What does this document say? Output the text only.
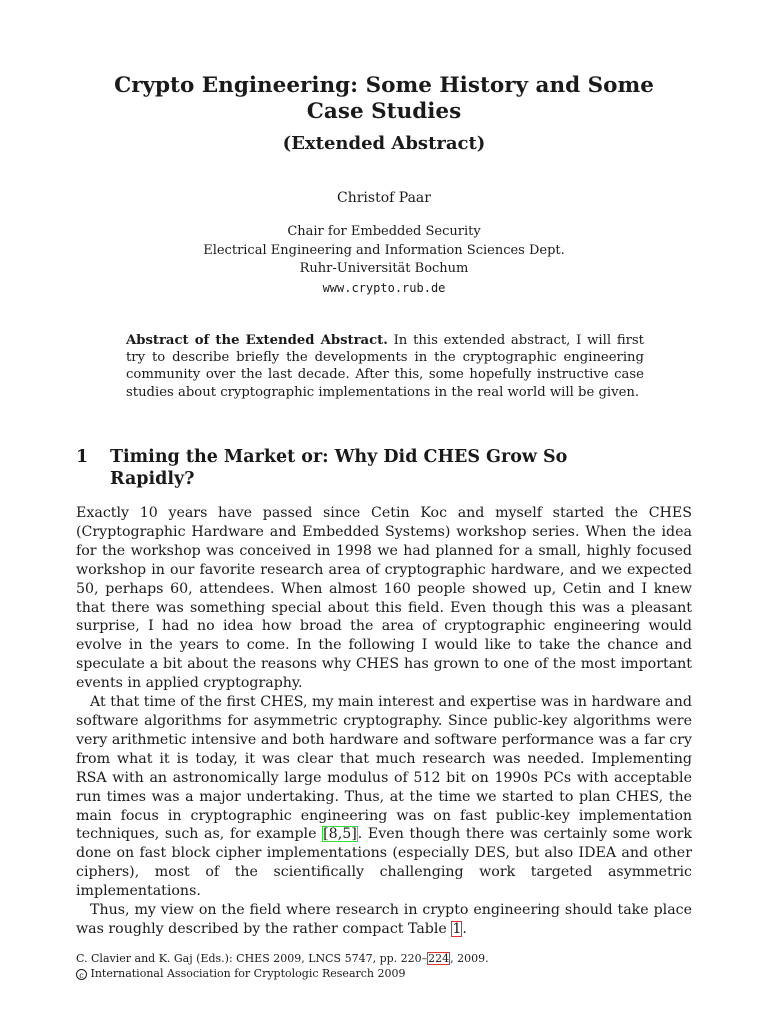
Crypto Engineering: Some History and Some
Case Studies
(Extended Abstract)
Christof Paar
Chair for Embedded Security
Electrical Engineering and Information Sciences Dept.
Ruhr-Universität Bochum
www.crypto.rub.de
Abstract of the Extended Abstract. In this extended abstract, I will first try to describe briefly the developments in the cryptographic engineering community over the last decade. After this, some hopefully instructive case studies about cryptographic implementations in the real world will be given.
1 Timing the Market or: Why Did CHES Grow So
Rapidly?

Exactly 10 years have passed since Cetin Koc and myself started the CHES (Cryptographic Hardware and Embedded Systems) workshop series. When the idea for the workshop was conceived in 1998 we had planned for a small, highly focused workshop in our favorite research area of cryptographic hardware, and we expected 50, perhaps 60, attendees. When almost 160 people showed up, Cetin and I knew that there was something special about this field. Even though this was a pleasant surprise, I had no idea how broad the area of cryptographic engineering would evolve in the years to come. In the following I would like to take the chance and speculate a bit about the reasons why CHES has grown to one of the most important events in applied cryptography.

At that time of the first CHES, my main interest and expertise was in hardware and software algorithms for asymmetric cryptography. Since public-key algorithms were very arithmetic intensive and both hardware and software performance was a far cry from what it is today, it was clear that much research was needed. Implementing RSA with an astronomically large modulus of 512 bit on 1990s PCs with acceptable run times was a major undertaking. Thus, at the time we started to plan CHES, the main focus in cryptographic engineering was on fast public-key implementation techniques, such as, for example [8,5]. Even though there was certainly some work done on fast block cipher implementations (especially DES, but also IDEA and other ciphers), most of the scientifically challenging work targeted asymmetric implementations.

Thus, my view on the field where research in crypto engineering should take place was roughly described by the rather compact Table 1.

C. Clavier and K. Gaj (Eds.): CHES 2009, LNCS 5747, pp. 220–224, 2009.
c International Association for Cryptologic Research 2009
